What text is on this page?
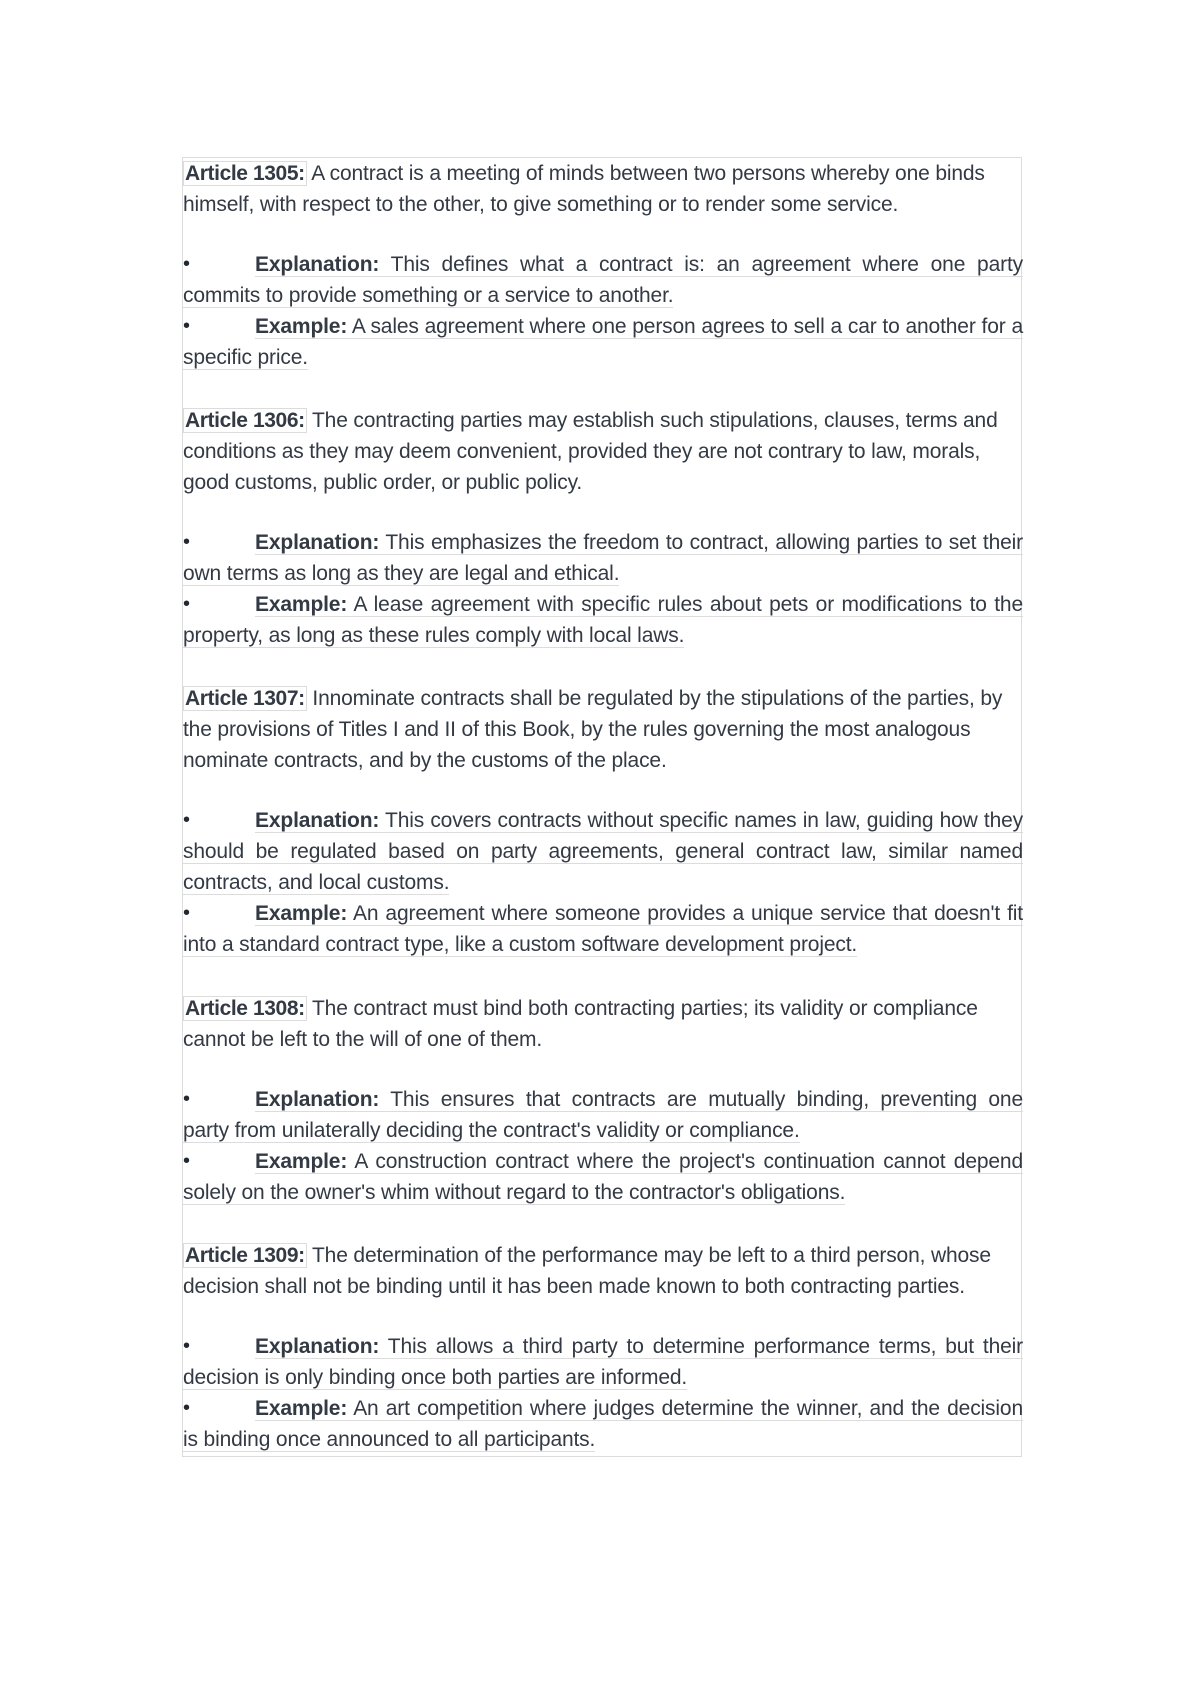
Article 1305: A contract is a meeting of minds between two persons whereby one binds himself, with respect to the other, to give something or to render some service.

•	Explanation: This defines what a contract is: an agreement where one party commits to provide something or a service to another.

•	Example: A sales agreement where one person agrees to sell a car to another for a specific price.

Article 1306: The contracting parties may establish such stipulations, clauses, terms and conditions as they may deem convenient, provided they are not contrary to law, morals, good customs, public order, or public policy.

•	Explanation: This emphasizes the freedom to contract, allowing parties to set their own terms as long as they are legal and ethical.

•	Example: A lease agreement with specific rules about pets or modifications to the property, as long as these rules comply with local laws.

Article 1307: Innominate contracts shall be regulated by the stipulations of the parties, by the provisions of Titles I and II of this Book, by the rules governing the most analogous nominate contracts, and by the customs of the place.

•	Explanation: This covers contracts without specific names in law, guiding how they should be regulated based on party agreements, general contract law, similar named contracts, and local customs.

•	Example: An agreement where someone provides a unique service that doesn't fit into a standard contract type, like a custom software development project.

Article 1308: The contract must bind both contracting parties; its validity or compliance cannot be left to the will of one of them.

•	Explanation: This ensures that contracts are mutually binding, preventing one party from unilaterally deciding the contract's validity or compliance.

•	Example: A construction contract where the project's continuation cannot depend solely on the owner's whim without regard to the contractor's obligations.

Article 1309: The determination of the performance may be left to a third person, whose decision shall not be binding until it has been made known to both contracting parties.

•	Explanation: This allows a third party to determine performance terms, but their decision is only binding once both parties are informed.

•	Example: An art competition where judges determine the winner, and the decision is binding once announced to all participants.
